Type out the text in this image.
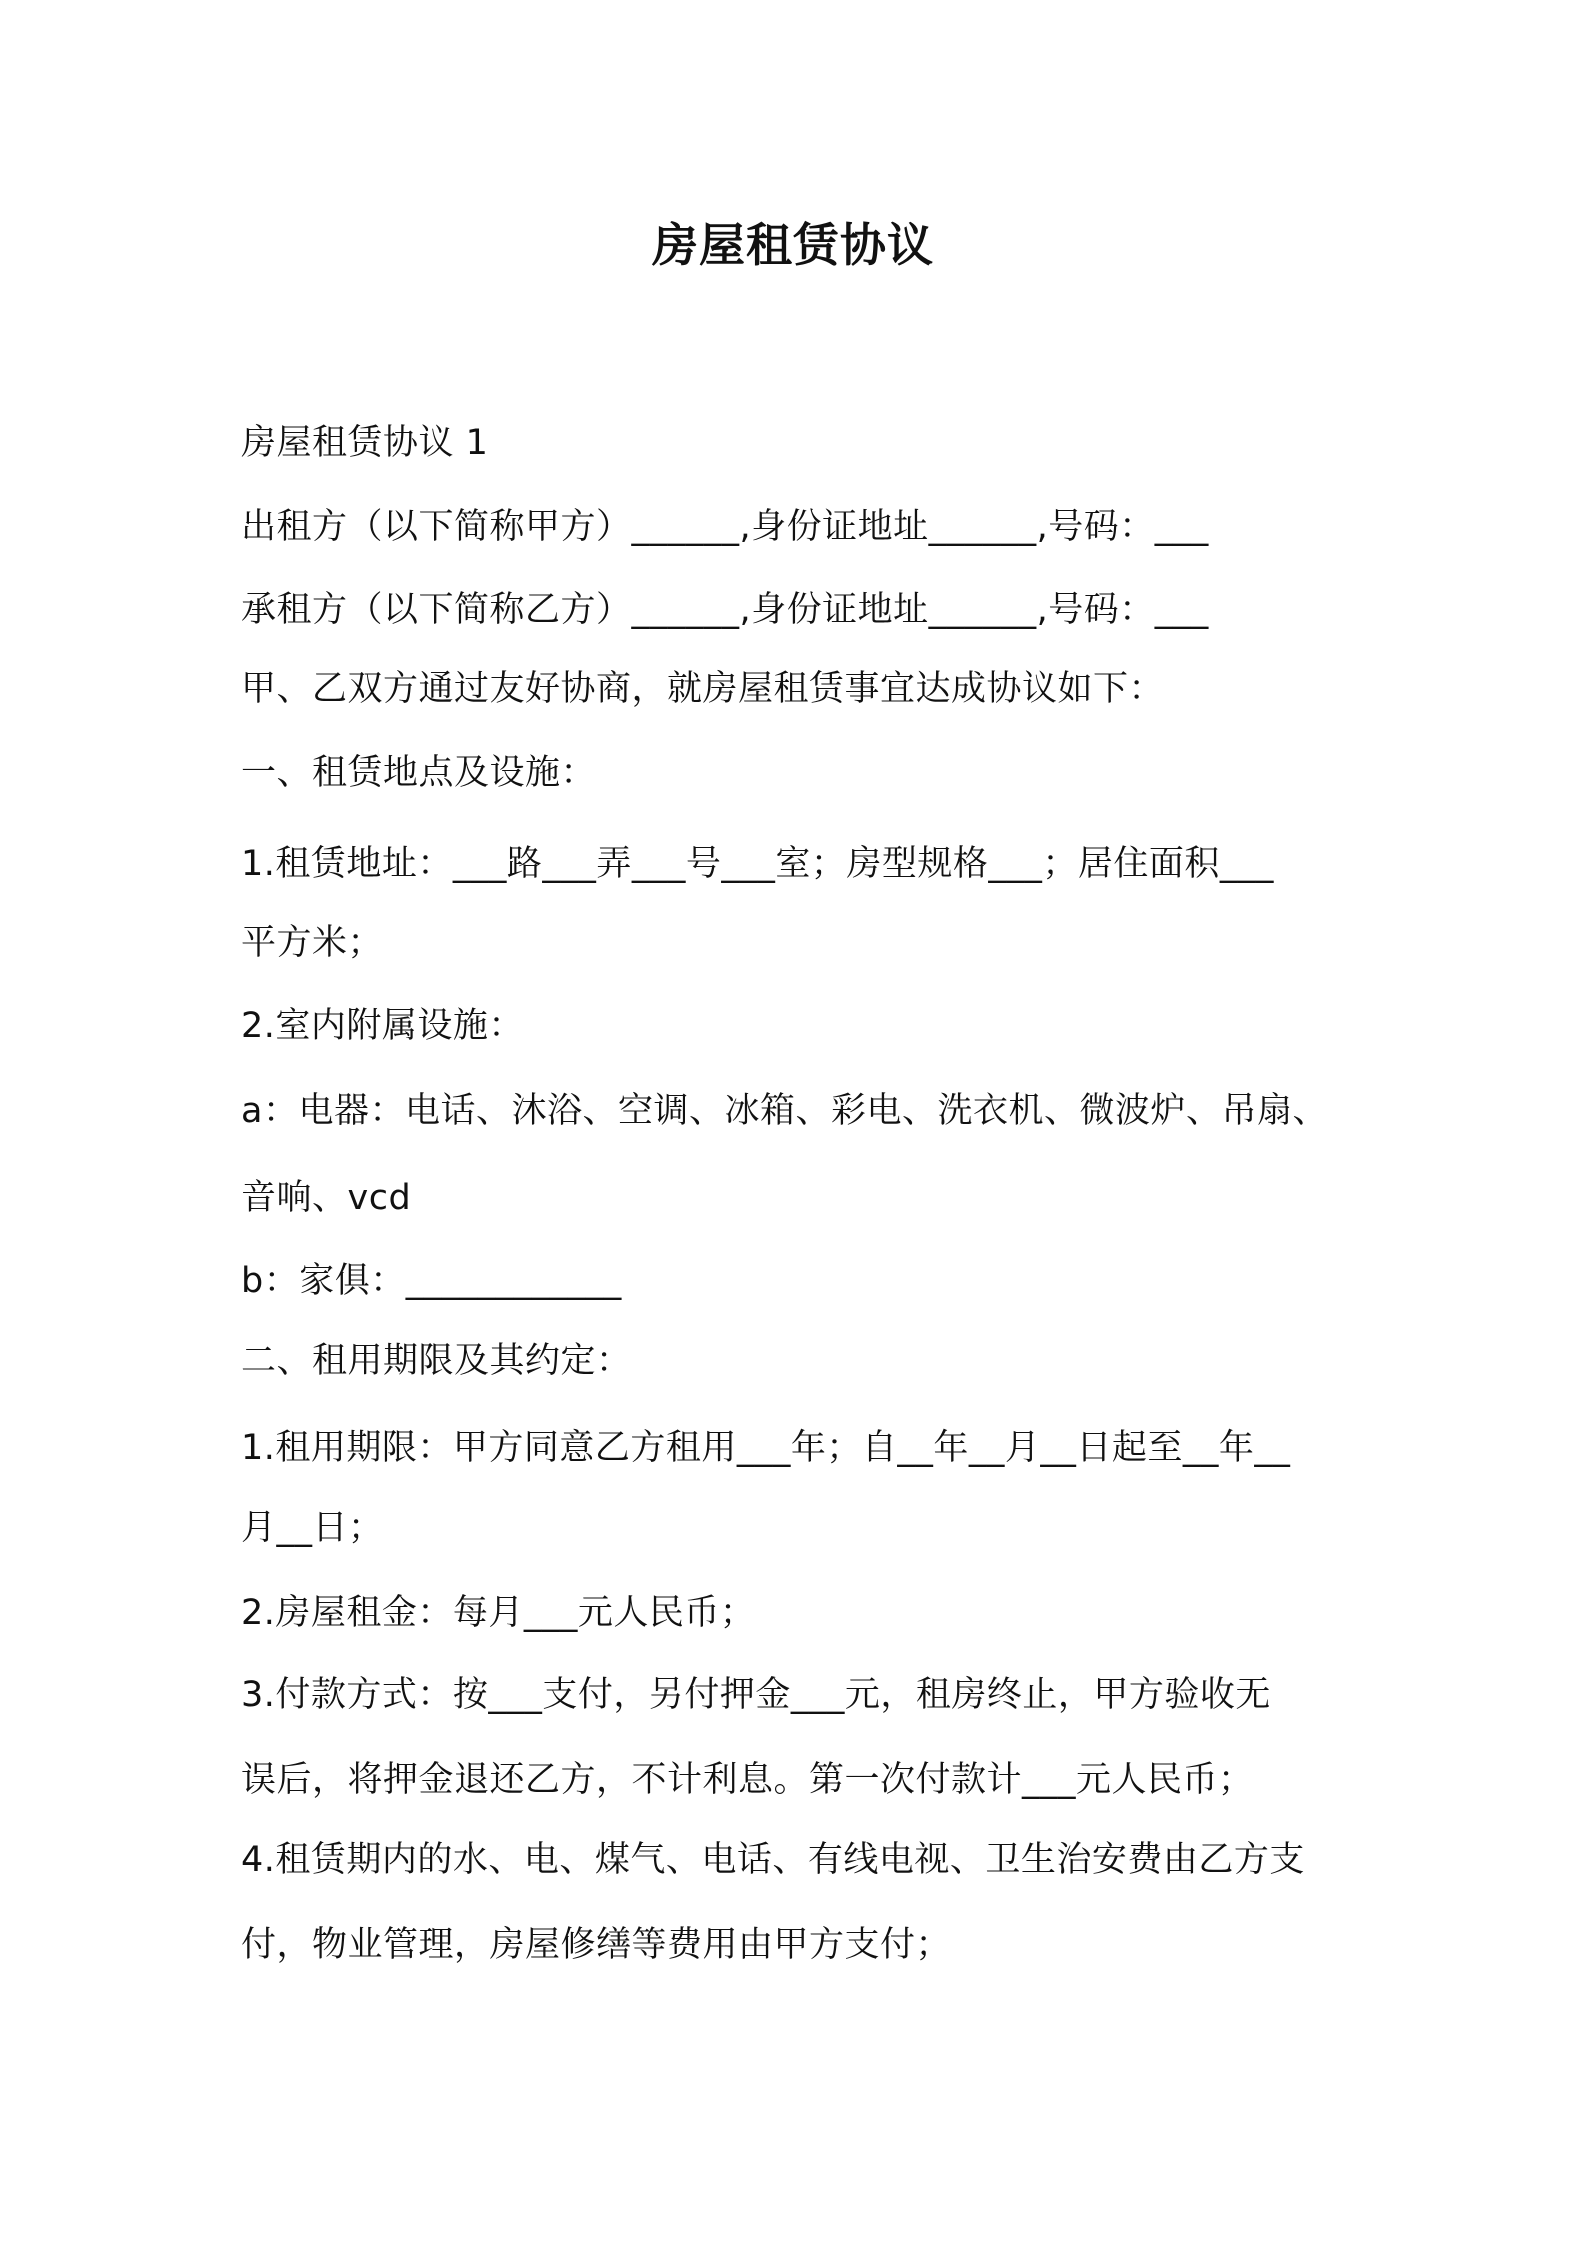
房屋租赁协议
房屋租赁协议 1
出租方（以下简称甲方）______,身份证地址______,号码：___
承租方（以下简称乙方）______,身份证地址______,号码：___
甲、乙双方通过友好协商，就房屋租赁事宜达成协议如下：
一、租赁地点及设施：
1.租赁地址：___路___弄___号___室；房型规格___；居住面积___
平方米；
2.室内附属设施：
a：电器：电话、沐浴、空调、冰箱、彩电、洗衣机、微波炉、吊扇、
音响、vcd
b：家俱：____________
二、租用期限及其约定：
1.租用期限：甲方同意乙方租用___年；自__年__月__日起至__年__
月__日；
2.房屋租金：每月___元人民币；
3.付款方式：按___支付，另付押金___元，租房终止，甲方验收无
误后，将押金退还乙方，不计利息。第一次付款计___元人民币；
4.租赁期内的水、电、煤气、电话、有线电视、卫生治安费由乙方支
付，物业管理，房屋修缮等费用由甲方支付；
